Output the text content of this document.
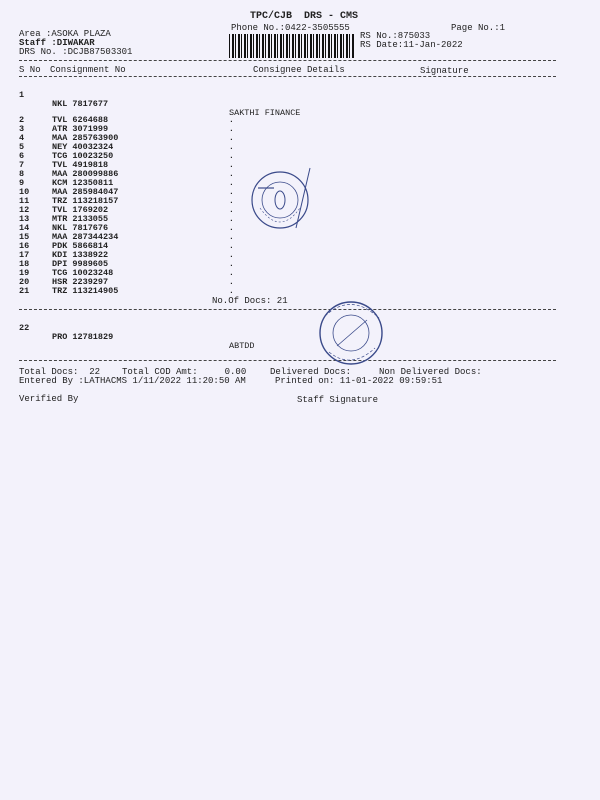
TPC/CJB  DRS - CMS
Phone No.:0422-3505555	Page No.:1
Area :ASOKA PLAZA
Staff :DIWAKAR
DRS No. :DCJB87503301
RS No.:875033
RS Date:11-Jan-2022
S No Consignment No	Consignee Details	Signature

1

NKL 7817677

SAKTHI FINANCE

2	TVL 6264688	.
3	ATR 3071999	.
4	MAA 285763900	.
5	NEY 40032324	.
6	TCG 10023250	.
7	TVL 4919818	.
8	MAA 280099886	.
9	KCM 12350811	.
10	MAA 285984047	.
11	TRZ 113218157	.
12	TVL 1769202	.
13	MTR 2133055	.
14	NKL 7817676	.
15	MAA 287344234	.
16	PDK 5866814	.
17	KDI 1338922	.
18	DPI 9989605	.
19	TCG 10023248	.
20	HSR 2239297	.
21	TRZ 113214905	.
No.Of Docs: 21

22

PRO 12781829

ABTDD

Total Docs:  22 Total COD Amt:     0.00	Delivered Docs:	Non Delivered Docs:
Entered By :LATHACMS 1/11/2022 11:20:50 AM	Printed on: 11-01-2022 09:59:51
Verified By	Staff Signature
